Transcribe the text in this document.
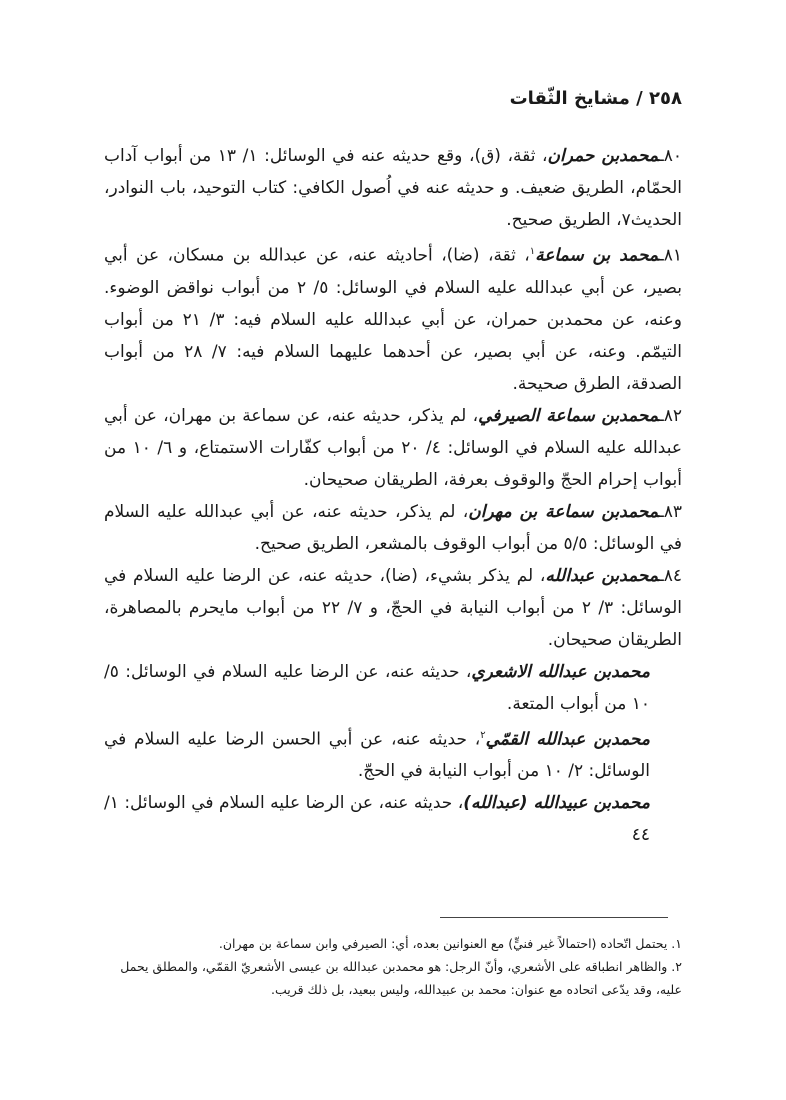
٢٥٨ / مشايخ الثّقات

٨٠ـمحمدبن حمران، ثقة، (ق)، وقع حديثه عنه في الوسائل: ١/ ١٣ من أبواب آداب الحمّام، الطريق ضعيف. و حديثه عنه في اُصول الكافي: كتاب التوحيد، باب النوادر، الحديث٧، الطريق صحيح.

٨١ـمحمد بن سماعة$^١$، ثقة، (ضا)، أحاديثه عنه، عن عبدالله بن مسكان، عن أبي بصير، عن أبي عبدالله عليه السلام في الوسائل: ٥/ ٢ من أبواب نواقض الوضوء. وعنه، عن محمدبن حمران، عن أبي عبدالله عليه السلام فيه: ٣/ ٢١ من أبواب التيمّم. وعنه، عن أبي بصير، عن أحدهما عليهما السلام فيه: ٧/ ٢٨ من أبواب الصدقة، الطرق صحيحة.

٨٢ـمحمدبن سماعة الصيرفي، لم يذكر، حديثه عنه، عن سماعة بن مهران، عن أبي عبدالله عليه السلام في الوسائل: ٤/ ٢٠ من أبواب كفّارات الاستمتاع، و ٦/ ١٠ من أبواب إحرام الحجّ والوقوف بعرفة، الطريقان صحيحان.

٨٣ـمحمدبن سماعة بن مهران، لم يذكر، حديثه عنه، عن أبي عبدالله عليه السلام في الوسائل: ٥/٥ من أبواب الوقوف بالمشعر، الطريق صحيح.

٨٤ـمحمدبن عبدالله، لم يذكر بشيء، (ضا)، حديثه عنه، عن الرضا عليه السلام في الوسائل: ٣/ ٢ من أبواب النيابة في الحجّ، و ٧/ ٢٢ من أبواب مايحرم بالمصاهرة، الطريقان صحيحان.

محمدبن عبدالله الاشعري، حديثه عنه، عن الرضا عليه السلام في الوسائل: ٥/ ١٠ من أبواب المتعة.

محمدبن عبدالله القمّي$^٢$، حديثه عنه، عن أبي الحسن الرضا عليه السلام في الوسائل: ٢/ ١٠ من أبواب النيابة في الحجّ.

محمدبن عبيدالله (عبدالله)، حديثه عنه، عن الرضا عليه السلام في الوسائل: ١/ ٤٤

١. يحتمل اتّحاده (احتمالاً غير فنيٍّ) مع العنوانين بعده، أي: الصيرفي وابن سماعة بن مهران.

٢. والظاهر انطباقه على الأشعري، وأنّ الرجل: هو محمدبن عبدالله بن عيسى الأشعريّ القمّي، والمطلق يحمل عليه، وقد يدّعى اتحاده مع عنوان: محمد بن عبيدالله، وليس ببعيد، بل ذلك قريب.
